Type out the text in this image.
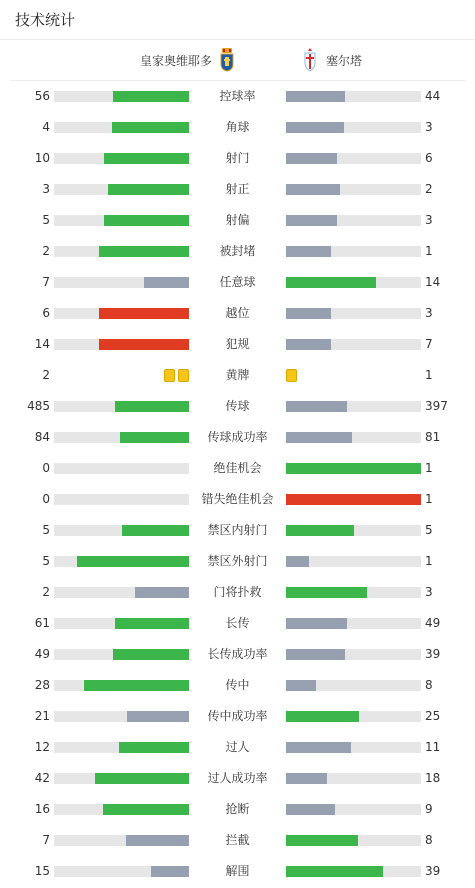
技术统计
皇家奥维耶多	塞尔塔
56	控球率	44
4	角球	3
10	射门	6
3	射正	2
5	射偏	3
2	被封堵	1
7	任意球	14
6	越位	3
14	犯规	7
2	黄牌	1
485	传球	397
84	传球成功率	81
0	绝佳机会	1
0	错失绝佳机会	1
5	禁区内射门	5
5	禁区外射门	1
2	门将扑救	3
61	长传	49
49	长传成功率	39
28	传中	8
21	传中成功率	25
12	过人	11
42	过人成功率	18
16	抢断	9
7	拦截	8
15	解围	39
